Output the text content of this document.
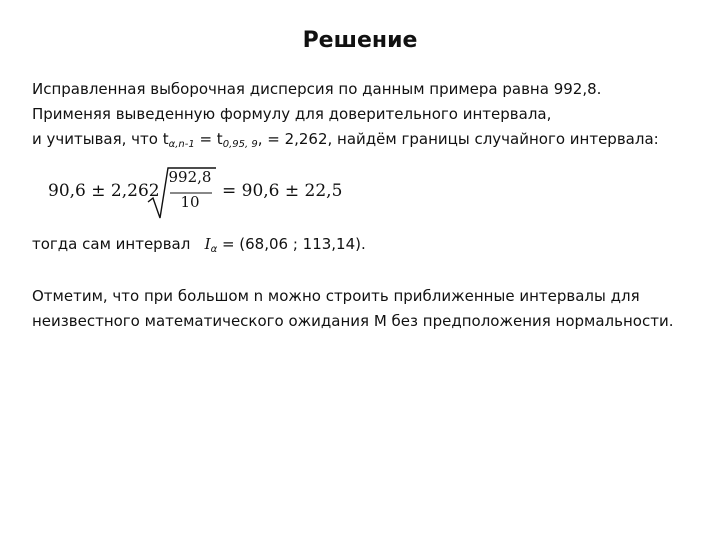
Решение
Исправленная выборочная дисперсия по данным примера равна 992,8.
Применяя выведенную формулу для доверительного интервала,
и учитывая, что $t_{\alpha,n-1} = t_{0,95, 9}$, = 2,262, найдём границы случайного интервала:
90,6 ± 2,262
992,8
10
= 90,6 ± 22,5
тогда сам интервал $I_\alpha = (68,06$ ; 113,14).
Отметим, что при большом n можно строить приближенные интервалы для
неизвестного математического ожидания M без предположения нормальности.
